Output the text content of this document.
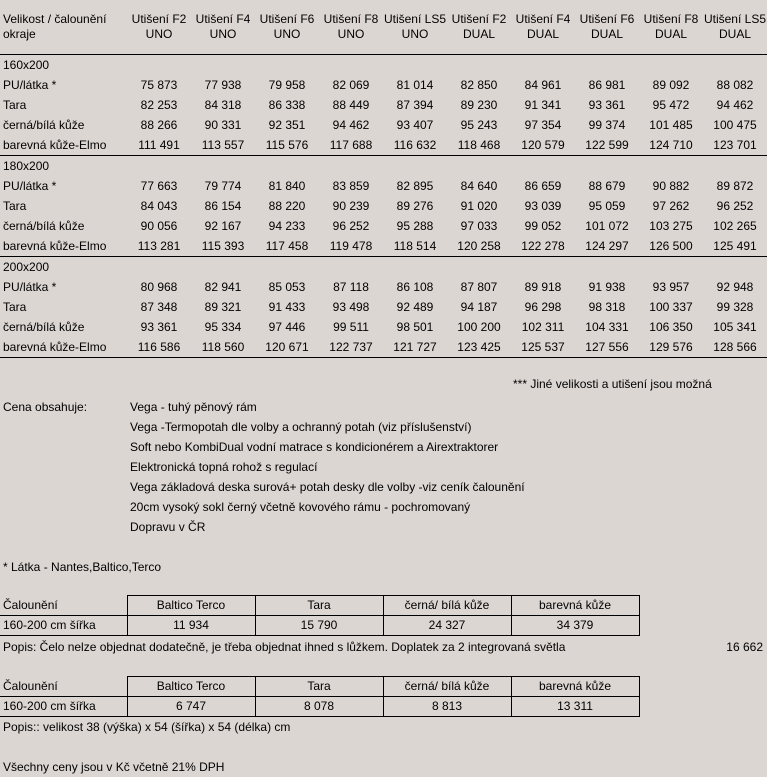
Velikost / čalounění okraje	Utišení F2 UNO	Utišení F4 UNO	Utišení F6 UNO	Utišení F8 UNO	Utišení LS5 UNO	Utišení F2 DUAL	Utišení F4 DUAL	Utišení F6 DUAL	Utišení F8 DUAL	Utišení LS5 DUAL
160x200										
PU/látka *	75 873	77 938	79 958	82 069	81 014	82 850	84 961	86 981	89 092	88 082
Tara	82 253	84 318	86 338	88 449	87 394	89 230	91 341	93 361	95 472	94 462
černá/bílá kůže	88 266	90 331	92 351	94 462	93 407	95 243	97 354	99 374	101 485	100 475
barevná kůže-Elmo	111 491	113 557	115 576	117 688	116 632	118 468	120 579	122 599	124 710	123 701
180x200										
PU/látka *	77 663	79 774	81 840	83 859	82 895	84 640	86 659	88 679	90 882	89 872
Tara	84 043	86 154	88 220	90 239	89 276	91 020	93 039	95 059	97 262	96 252
černá/bílá kůže	90 056	92 167	94 233	96 252	95 288	97 033	99 052	101 072	103 275	102 265
barevná kůže-Elmo	113 281	115 393	117 458	119 478	118 514	120 258	122 278	124 297	126 500	125 491
200x200										
PU/látka *	80 968	82 941	85 053	87 118	86 108	87 807	89 918	91 938	93 957	92 948
Tara	87 348	89 321	91 433	93 498	92 489	94 187	96 298	98 318	100 337	99 328
černá/bílá kůže	93 361	95 334	97 446	99 511	98 501	100 200	102 311	104 331	106 350	105 341
barevná kůže-Elmo	116 586	118 560	120 671	122 737	121 727	123 425	125 537	127 556	129 576	128 566
*** Jiné velikosti a utišení jsou možná
Cena obsahuje:	Vega - tuhý pěnový rám
Vega -Termopotah dle volby a ochranný potah (viz příslušenství)
Soft nebo KombiDual vodní matrace s kondicionérem a Airextraktorer
Elektronická topná rohož s regulací
Vega základová deska surová+ potah desky dle volby -viz ceník čalounění
20cm vysoký sokl černý včetně kovového rámu - pochromovaný
Dopravu v ČR
* Látka - Nantes,Baltico,Terco
Čalounění	Baltico Terco	Tara	černá/ bílá kůže	barevná kůže
160-200 cm šířka	11 934	15 790	24 327	34 379
Popis: Čelo nelze objednat dodatečně, je třeba objednat ihned s lůžkem. Doplatek za 2 integrovaná světla	16 662
Čalounění	Baltico Terco	Tara	černá/ bílá kůže	barevná kůže
160-200 cm šířka	6 747	8 078	8 813	13 311
Popis:: velikost 38 (výška) x 54 (šířka) x 54 (délka) cm
Všechny ceny jsou v Kč včetně 21% DPH
